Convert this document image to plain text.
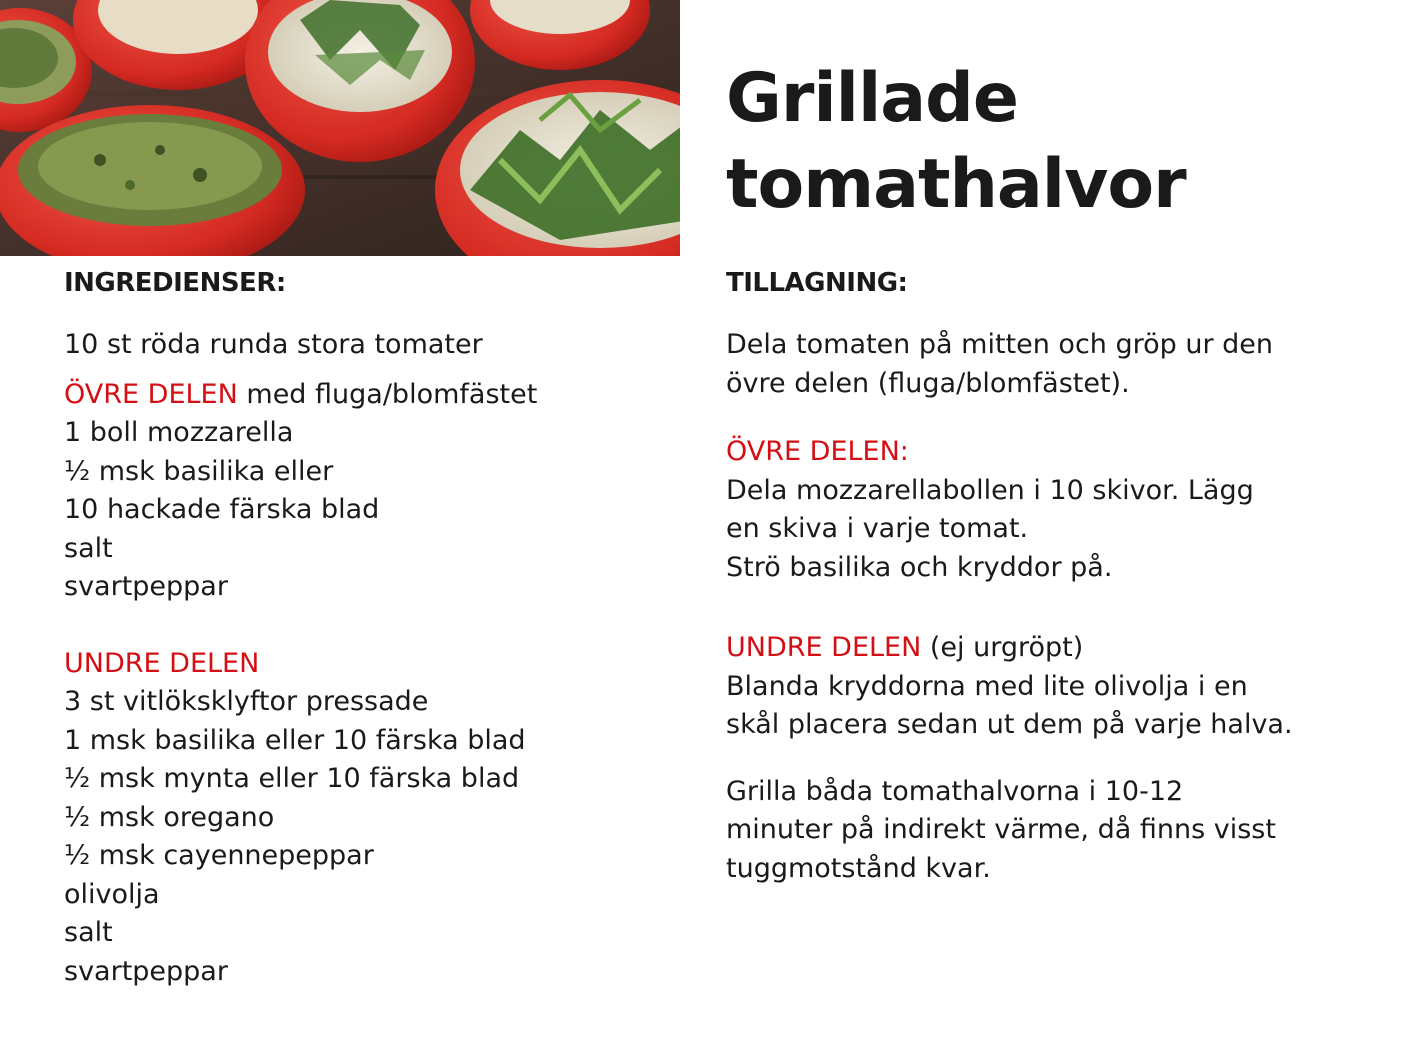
Grillade
tomathalvor
INGREDIENSER:
10 st röda runda stora tomater
ÖVRE DELEN med fluga/blomfästet
1 boll mozzarella
½ msk basilika eller
10 hackade färska blad
salt
svartpeppar
UNDRE DELEN
3 st vitlöksklyftor pressade
1 msk basilika eller 10 färska blad
½ msk mynta eller 10 färska blad
½ msk oregano
½ msk cayennepeppar
olivolja
salt
svartpeppar
TILLAGNING:
Dela tomaten på mitten och gröp ur den
övre delen (fluga/blomfästet).
ÖVRE DELEN:
Dela mozzarellabollen i 10 skivor. Lägg
en skiva i varje tomat.
Strö basilika och kryddor på.
UNDRE DELEN (ej urgröpt)
Blanda kryddorna med lite olivolja i en
skål placera sedan ut dem på varje halva.
Grilla båda tomathalvorna i 10-12
minuter på indirekt värme, då finns visst
tuggmotstånd kvar.
